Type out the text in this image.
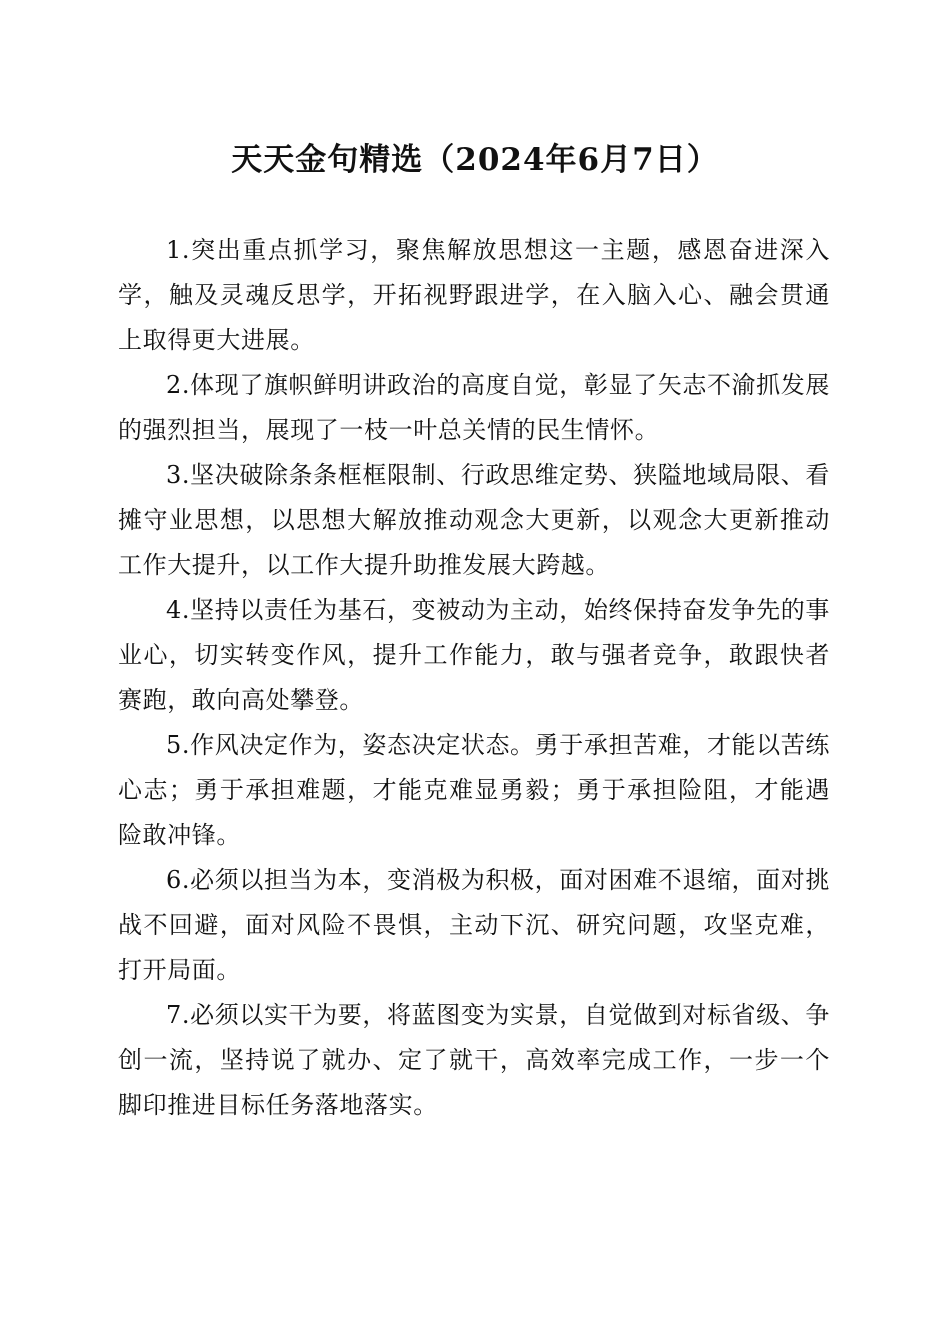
天天金句精选（2024年6月7日）

1.突出重点抓学习，聚焦解放思想这一主题，感恩奋进深入学，触及灵魂反思学，开拓视野跟进学，在入脑入心、融会贯通上取得更大进展。

2.体现了旗帜鲜明讲政治的高度自觉，彰显了矢志不渝抓发展的强烈担当，展现了一枝一叶总关情的民生情怀。

3.坚决破除条条框框限制、行政思维定势、狭隘地域局限、看摊守业思想，以思想大解放推动观念大更新，以观念大更新推动工作大提升，以工作大提升助推发展大跨越。

4.坚持以责任为基石，变被动为主动，始终保持奋发争先的事业心，切实转变作风，提升工作能力，敢与强者竞争，敢跟快者赛跑，敢向高处攀登。

5.作风决定作为，姿态决定状态。勇于承担苦难，才能以苦练心志；勇于承担难题，才能克难显勇毅；勇于承担险阻，才能遇险敢冲锋。

6.必须以担当为本，变消极为积极，面对困难不退缩，面对挑战不回避，面对风险不畏惧，主动下沉、研究问题，攻坚克难，打开局面。

7.必须以实干为要，将蓝图变为实景，自觉做到对标省级、争创一流，坚持说了就办、定了就干，高效率完成工作，一步一个脚印推进目标任务落地落实。
